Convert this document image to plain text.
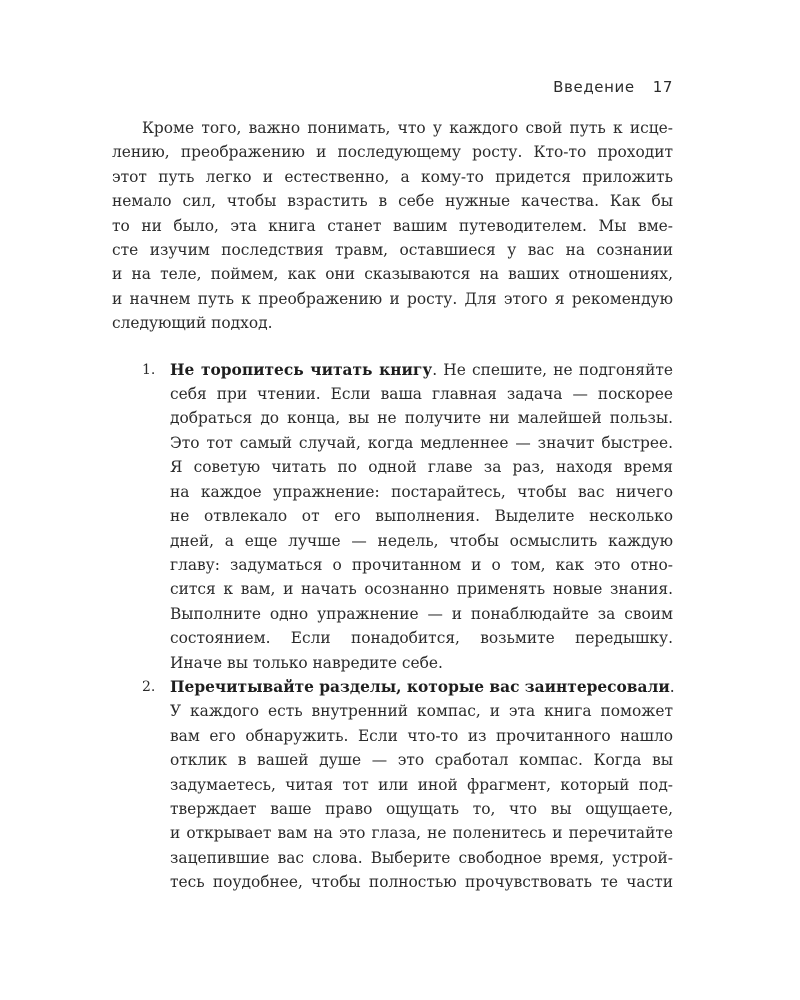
Введение 17
Кроме того, важно понимать, что у каждого свой путь к исце-
лению, преображению и последующему росту. Кто-то проходит
этот путь легко и естественно, а кому-то придется приложить
немало сил, чтобы взрастить в себе нужные качества. Как бы
то ни было, эта книга станет вашим путеводителем. Мы вме-
сте изучим последствия травм, оставшиеся у вас на сознании
и на теле, поймем, как они сказываются на ваших отношениях,
и начнем путь к преображению и росту. Для этого я рекомендую
следующий подход.
1. Не торопитесь читать книгу. Не спешите, не подгоняйте
себя при чтении. Если ваша главная задача — поскорее
добраться до конца, вы не получите ни малейшей пользы.
Это тот самый случай, когда медленнее — значит быстрее.
Я советую читать по одной главе за раз, находя время
на каждое упражнение: постарайтесь, чтобы вас ничего
не отвлекало от его выполнения. Выделите несколько
дней, а еще лучше — недель, чтобы осмыслить каждую
главу: задуматься о прочитанном и о том, как это отно-
сится к вам, и начать осознанно применять новые знания.
Выполните одно упражнение — и понаблюдайте за своим
состоянием. Если понадобится, возьмите передышку.
Иначе вы только навредите себе.
2. Перечитывайте разделы, которые вас заинтересовали.
У каждого есть внутренний компас, и эта книга поможет
вам его обнаружить. Если что-то из прочитанного нашло
отклик в вашей душе — это сработал компас. Когда вы
задумаетесь, читая тот или иной фрагмент, который под-
тверждает ваше право ощущать то, что вы ощущаете,
и открывает вам на это глаза, не поленитесь и перечитайте
зацепившие вас слова. Выберите свободное время, устрой-
тесь поудобнее, чтобы полностью прочувствовать те части
